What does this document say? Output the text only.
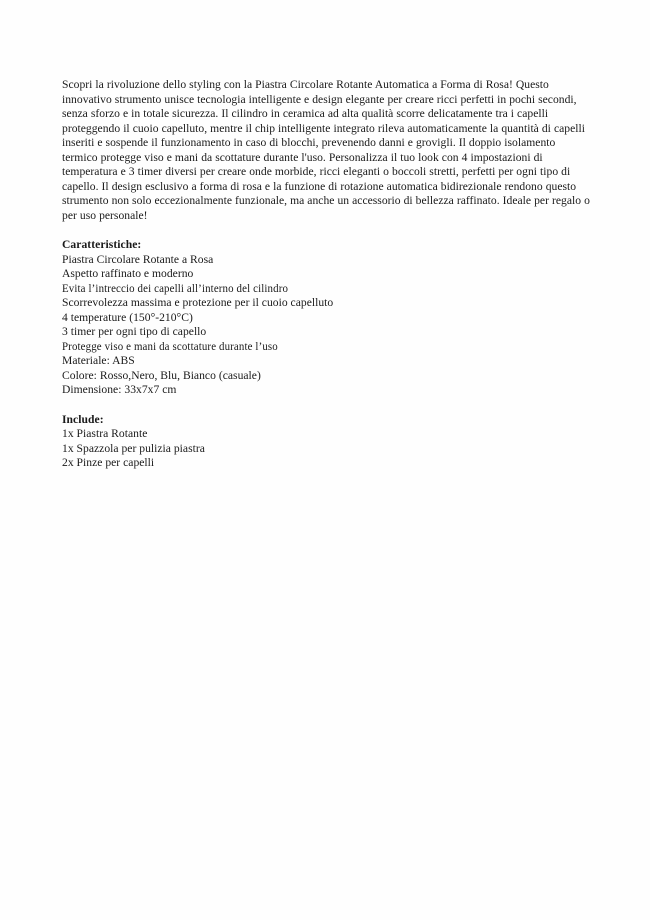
Scopri la rivoluzione dello styling con la Piastra Circolare Rotante Automatica a Forma di Rosa! Questo innovativo strumento unisce tecnologia intelligente e design elegante per creare ricci perfetti in pochi secondi, senza sforzo e in totale sicurezza. Il cilindro in ceramica ad alta qualità scorre delicatamente tra i capelli proteggendo il cuoio capelluto, mentre il chip intelligente integrato rileva automaticamente la quantità di capelli inseriti e sospende il funzionamento in caso di blocchi, prevenendo danni e grovigli. Il doppio isolamento termico protegge viso e mani da scottature durante l'uso. Personalizza il tuo look con 4 impostazioni di temperatura e 3 timer diversi per creare onde morbide, ricci eleganti o boccoli stretti, perfetti per ogni tipo di capello. Il design esclusivo a forma di rosa e la funzione di rotazione automatica bidirezionale rendono questo strumento non solo eccezionalmente funzionale, ma anche un accessorio di bellezza raffinato. Ideale per regalo o per uso personale!

Caratteristiche:

Piastra Circolare Rotante a Rosa

Aspetto raffinato e moderno

Evita l’intreccio dei capelli all’interno del cilindro

Scorrevolezza massima e protezione per il cuoio capelluto

4 temperature (150°-210°C)

3 timer per ogni tipo di capello

Protegge viso e mani da scottature durante l’uso

Materiale: ABS

Colore: Rosso,Nero, Blu, Bianco (casuale)

Dimensione: 33x7x7 cm

Include:

1x Piastra Rotante

1x Spazzola per pulizia piastra

2x Pinze per capelli
